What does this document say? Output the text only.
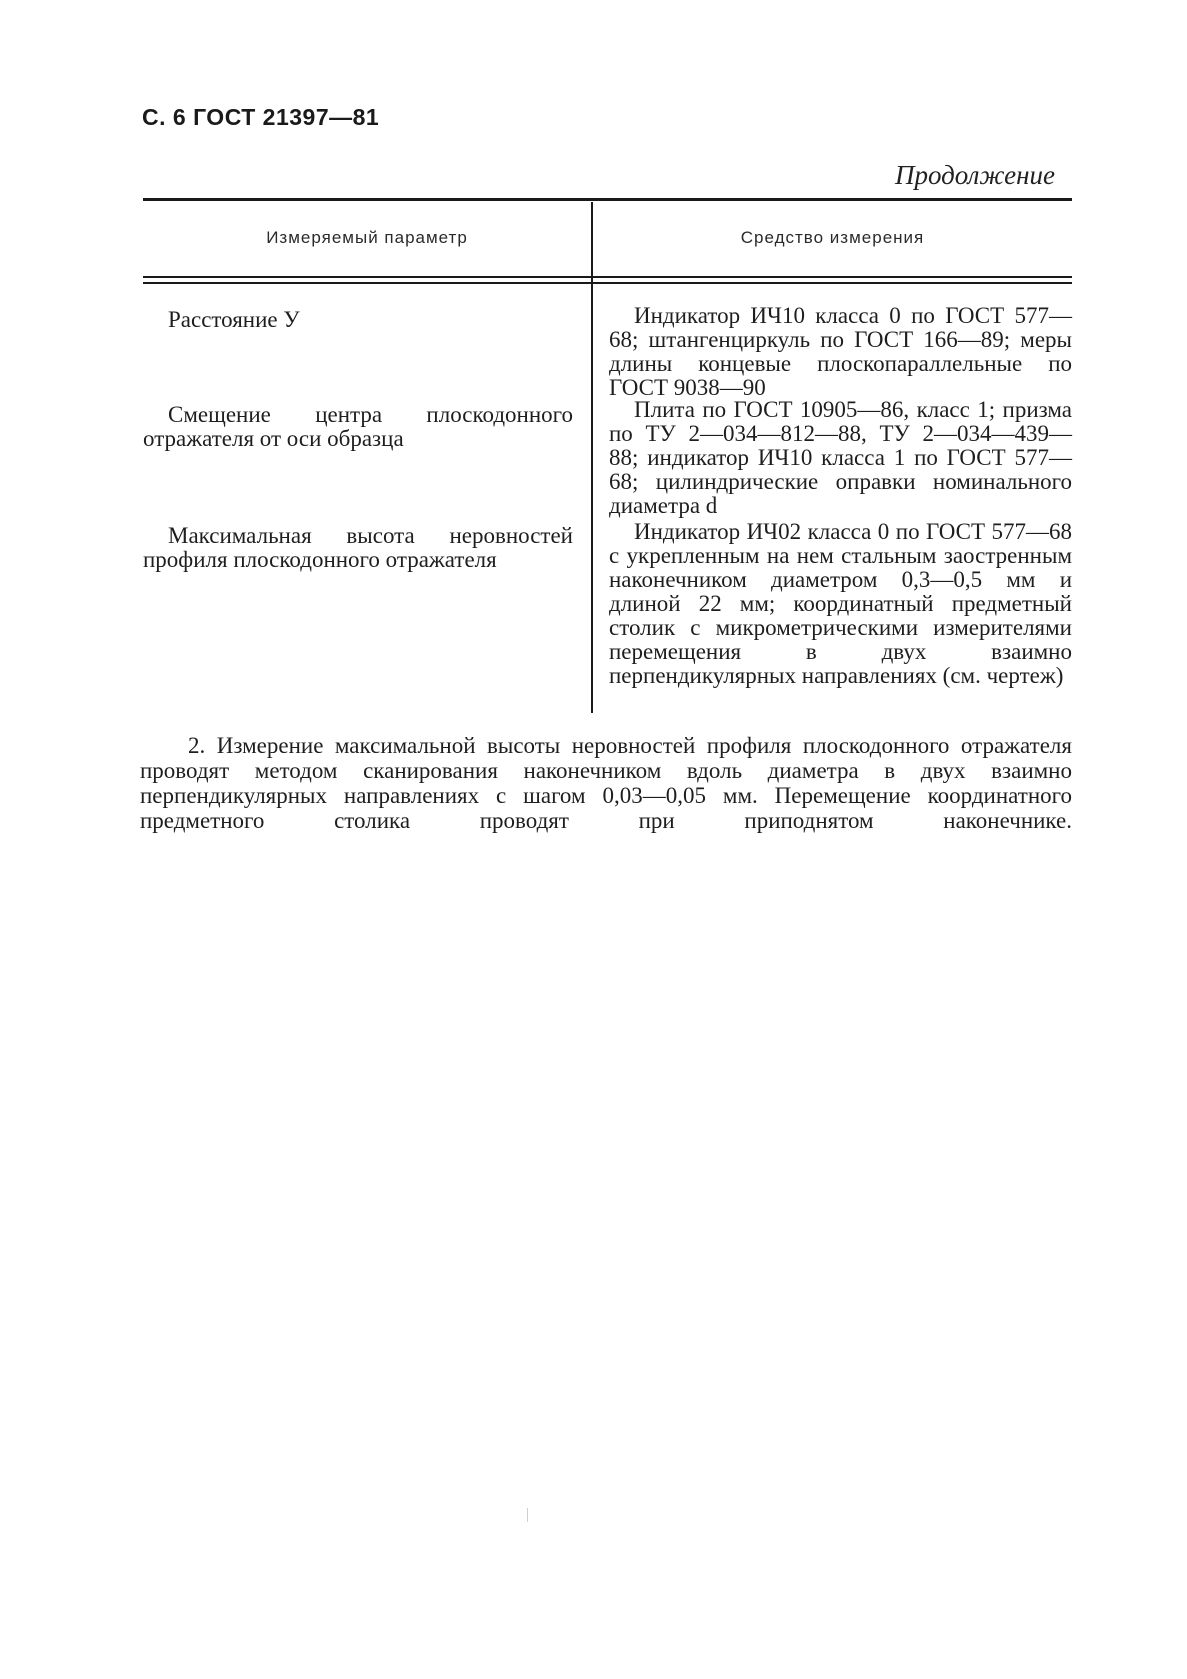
С. 6 ГОСТ 21397—81
Продолжение
Измеряемый параметр	Средство измерения
Расстояние У	Индикатор ИЧ10 класса 0 по ГОСТ 577—68; штангенциркуль по ГОСТ 166—89; меры длины концевые плоскопараллельные по ГОСТ 9038—90
Смещение центра плоскодонного отражателя от оси образца
Плита по ГОСТ 10905—86, класс 1; призма по ТУ 2—034—812—88, ТУ 2—034—439—88; индикатор ИЧ10 класса 1 по ГОСТ 577—68; цилиндрические оправки номинального диаметра d
Максимальная высота неровностей профиля плоскодонного отражателя
Индикатор ИЧ02 класса 0 по ГОСТ 577—68 с укрепленным на нем стальным заостренным наконечником диаметром 0,3—0,5 мм и длиной 22 мм; координатный предметный столик с микрометрическими измерителями перемещения в двух взаимно перпендикулярных направлениях (см. чертеж)
2. Измерение максимальной высоты неровностей профиля плоскодонного отражателя проводят методом сканирования наконечником вдоль диаметра в двух взаимно перпендикулярных направлениях с шагом 0,03—0,05 мм. Перемещение координатного предметного столика проводят при приподнятом наконечнике.
